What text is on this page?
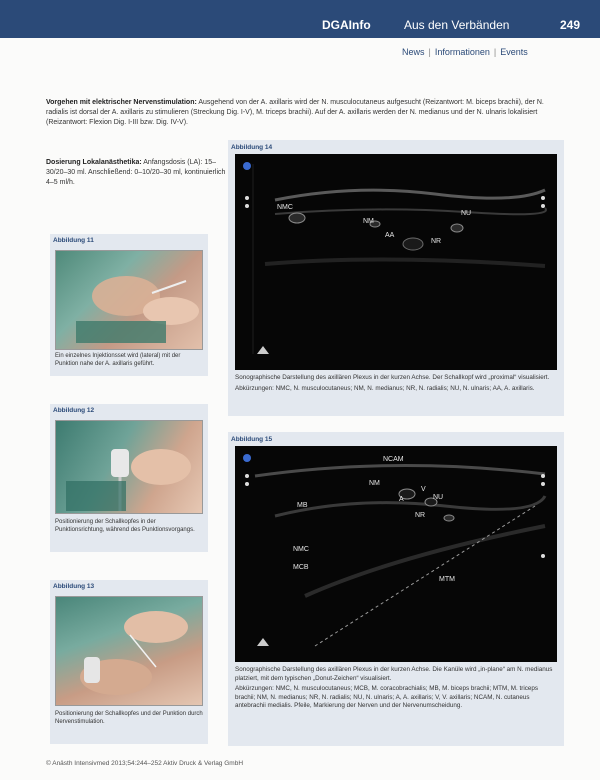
DGAInfo	Aus den Verbänden	249
News | Informationen | Events

Vorgehen mit elektrischer Nervenstimulation: Ausgehend von der A. axillaris wird der N. musculocutaneus aufgesucht (Reizantwort: M. biceps brachii), der N. radialis ist dorsal der A. axillaris zu stimulieren (Streckung Dig. I-V), M. triceps brachii). Auf der A. axillaris werden der N. medianus und der N. ulnaris lokalisiert (Reizantwort: Flexion Dig. I-III bzw. Dig. IV-V).

Dosierung Lokalanästhetika: Anfangsdosis (LA): 15–30/20–30 ml. Anschließend: 0–10/20–30 ml, kontinuierlich 4–5 ml/h.

Abbildung 11
Ein einzelnes Injektionsset wird (lateral) mit der Punktion nahe der A. axillaris geführt.
Abbildung 12
Positionierung der Schallkopfes in der Punktionsrichtung, während des Punktionsvorgangs.
Abbildung 13
Positionierung der Schallkopfes und der Punktion durch Nervenstimulation.
Abbildung 14
NMC
NM
AA
NR
NU
Sonographische Darstellung des axillären Plexus in der kurzen Achse. Der Schallkopf wird „proximal“ visualisiert.
Abkürzungen: NMC, N. musculocutaneus; NM, N. medianus; NR, N. radialis; NU, N. ulnaris; AA, A. axillaris.
Abbildung 15
NCAM
NM
A
V
NU
MB
NR
NMC
MCB
MTM
Sonographische Darstellung des axillären Plexus in der kurzen Achse. Die Kanüle wird „in-plane“ am N. medianus platziert, mit dem typischen „Donut-Zeichen“ visualisiert.
Abkürzungen: NMC, N. musculocutaneus; MCB, M. coracobrachialis; MB, M. biceps brachii; MTM, M. triceps brachii; NM, N. medianus; NR, N. radialis; NU, N. ulnaris; A, A. axillaris; V, V. axillaris; NCAM, N. cutaneus antebrachii medialis. Pfeile, Markierung der Nerven und der Nervenumscheidung.
© Anästh Intensivmed 2013;54:244–252 Aktiv Druck & Verlag GmbH
